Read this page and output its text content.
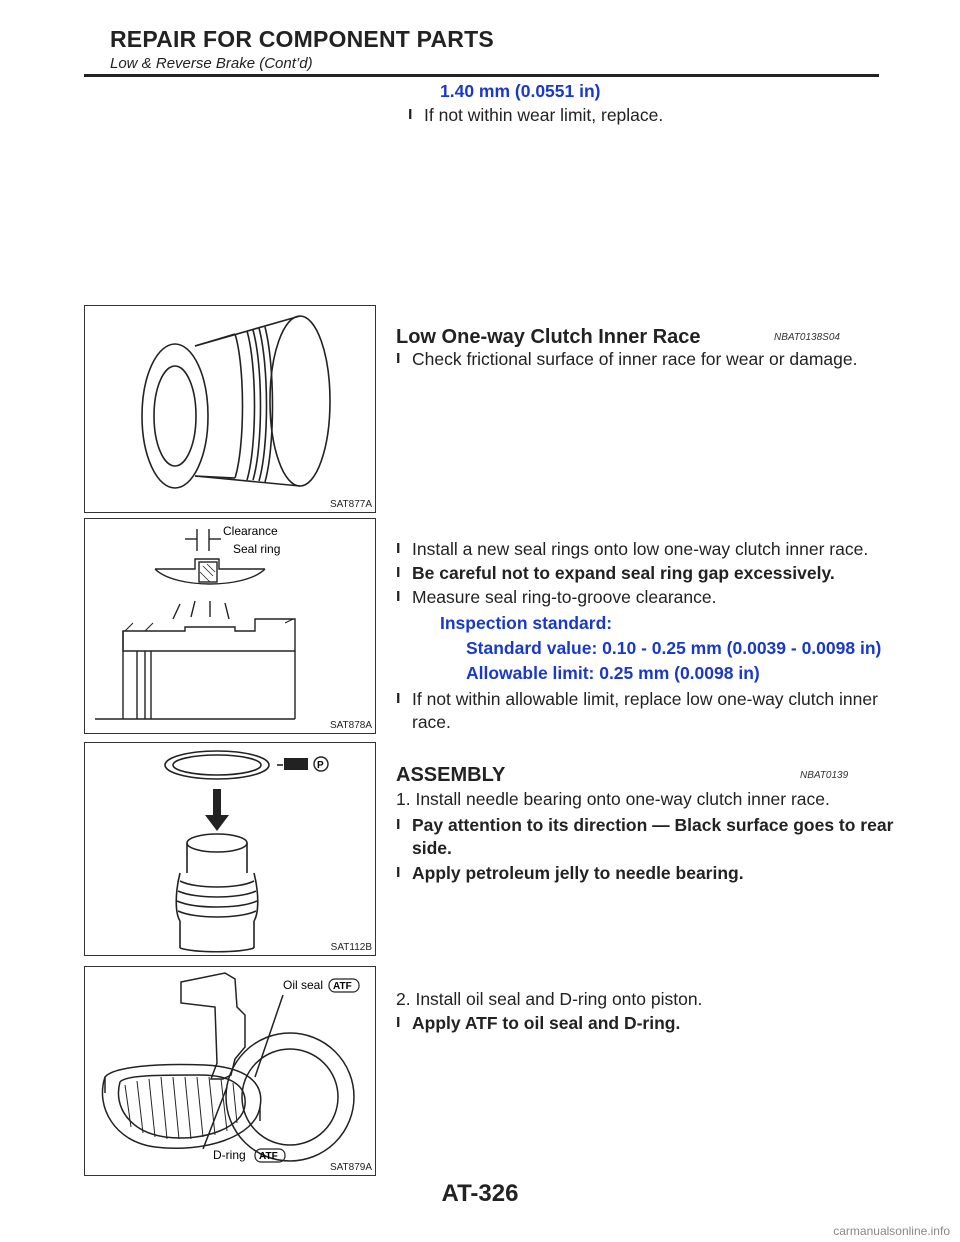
REPAIR FOR COMPONENT PARTS
Low & Reverse Brake (Cont’d)
1.40 mm (0.0551 in)
l If not within wear limit, replace.
SAT877A
Low One-way Clutch Inner Race	NBAT0138S04
l Check frictional surface of inner race for wear or damage.
Clearance
Seal ring
SAT878A
l Install a new seal rings onto low one-way clutch inner race.
l Be careful not to expand seal ring gap excessively.
l Measure seal ring-to-groove clearance.
Inspection standard:
Standard value: 0.10 - 0.25 mm (0.0039 - 0.0098 in)
Allowable limit: 0.25 mm (0.0098 in)
l If not within allowable limit, replace low one-way clutch inner
race.
P
SAT112B
ASSEMBLY	NBAT0139
1. Install needle bearing onto one-way clutch inner race.
l Pay attention to its direction — Black surface goes to rear
side.
l Apply petroleum jelly to needle bearing.
Oil seal ATF
D-ring ATF
SAT879A
2. Install oil seal and D-ring onto piston.
l Apply ATF to oil seal and D-ring.
AT-326
carmanualsonline.info
